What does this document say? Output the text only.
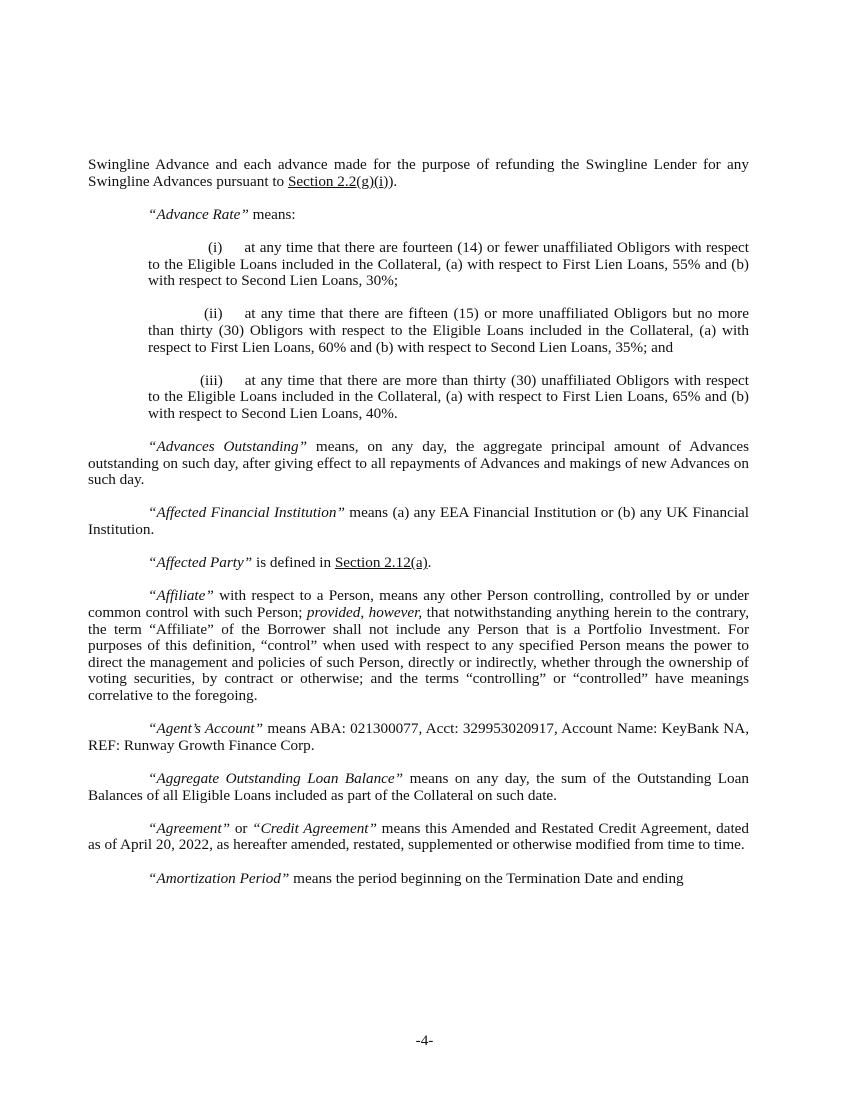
Swingline Advance and each advance made for the purpose of refunding the Swingline Lender for any Swingline Advances pursuant to Section 2.2(g)(i)).

“Advance Rate” means:

(i) at any time that there are fourteen (14) or fewer unaffiliated Obligors with respect to the Eligible Loans included in the Collateral, (a) with respect to First Lien Loans, 55% and (b) with respect to Second Lien Loans, 30%;

(ii) at any time that there are fifteen (15) or more unaffiliated Obligors but no more than thirty (30) Obligors with respect to the Eligible Loans included in the Collateral, (a) with respect to First Lien Loans, 60% and (b) with respect to Second Lien Loans, 35%; and

(iii) at any time that there are more than thirty (30) unaffiliated Obligors with respect to the Eligible Loans included in the Collateral, (a) with respect to First Lien Loans, 65% and (b) with respect to Second Lien Loans, 40%.

“Advances Outstanding” means, on any day, the aggregate principal amount of Advances outstanding on such day, after giving effect to all repayments of Advances and makings of new Advances on such day.

“Affected Financial Institution” means (a) any EEA Financial Institution or (b) any UK Financial Institution.

“Affected Party” is defined in Section 2.12(a).

“Affiliate” with respect to a Person, means any other Person controlling, controlled by or under common control with such Person; provided, however, that notwithstanding anything herein to the contrary, the term “Affiliate” of the Borrower shall not include any Person that is a Portfolio Investment. For purposes of this definition, “control” when used with respect to any specified Person means the power to direct the management and policies of such Person, directly or indirectly, whether through the ownership of voting securities, by contract or otherwise; and the terms “controlling” or “controlled” have meanings correlative to the foregoing.

“Agent’s Account” means ABA: 021300077, Acct: 329953020917, Account Name: KeyBank NA, REF: Runway Growth Finance Corp.

“Aggregate Outstanding Loan Balance” means on any day, the sum of the Outstanding Loan Balances of all Eligible Loans included as part of the Collateral on such date.

“Agreement” or “Credit Agreement” means this Amended and Restated Credit Agreement, dated as of April 20, 2022, as hereafter amended, restated, supplemented or otherwise modified from time to time.

“Amortization Period” means the period beginning on the Termination Date and ending

-4-
